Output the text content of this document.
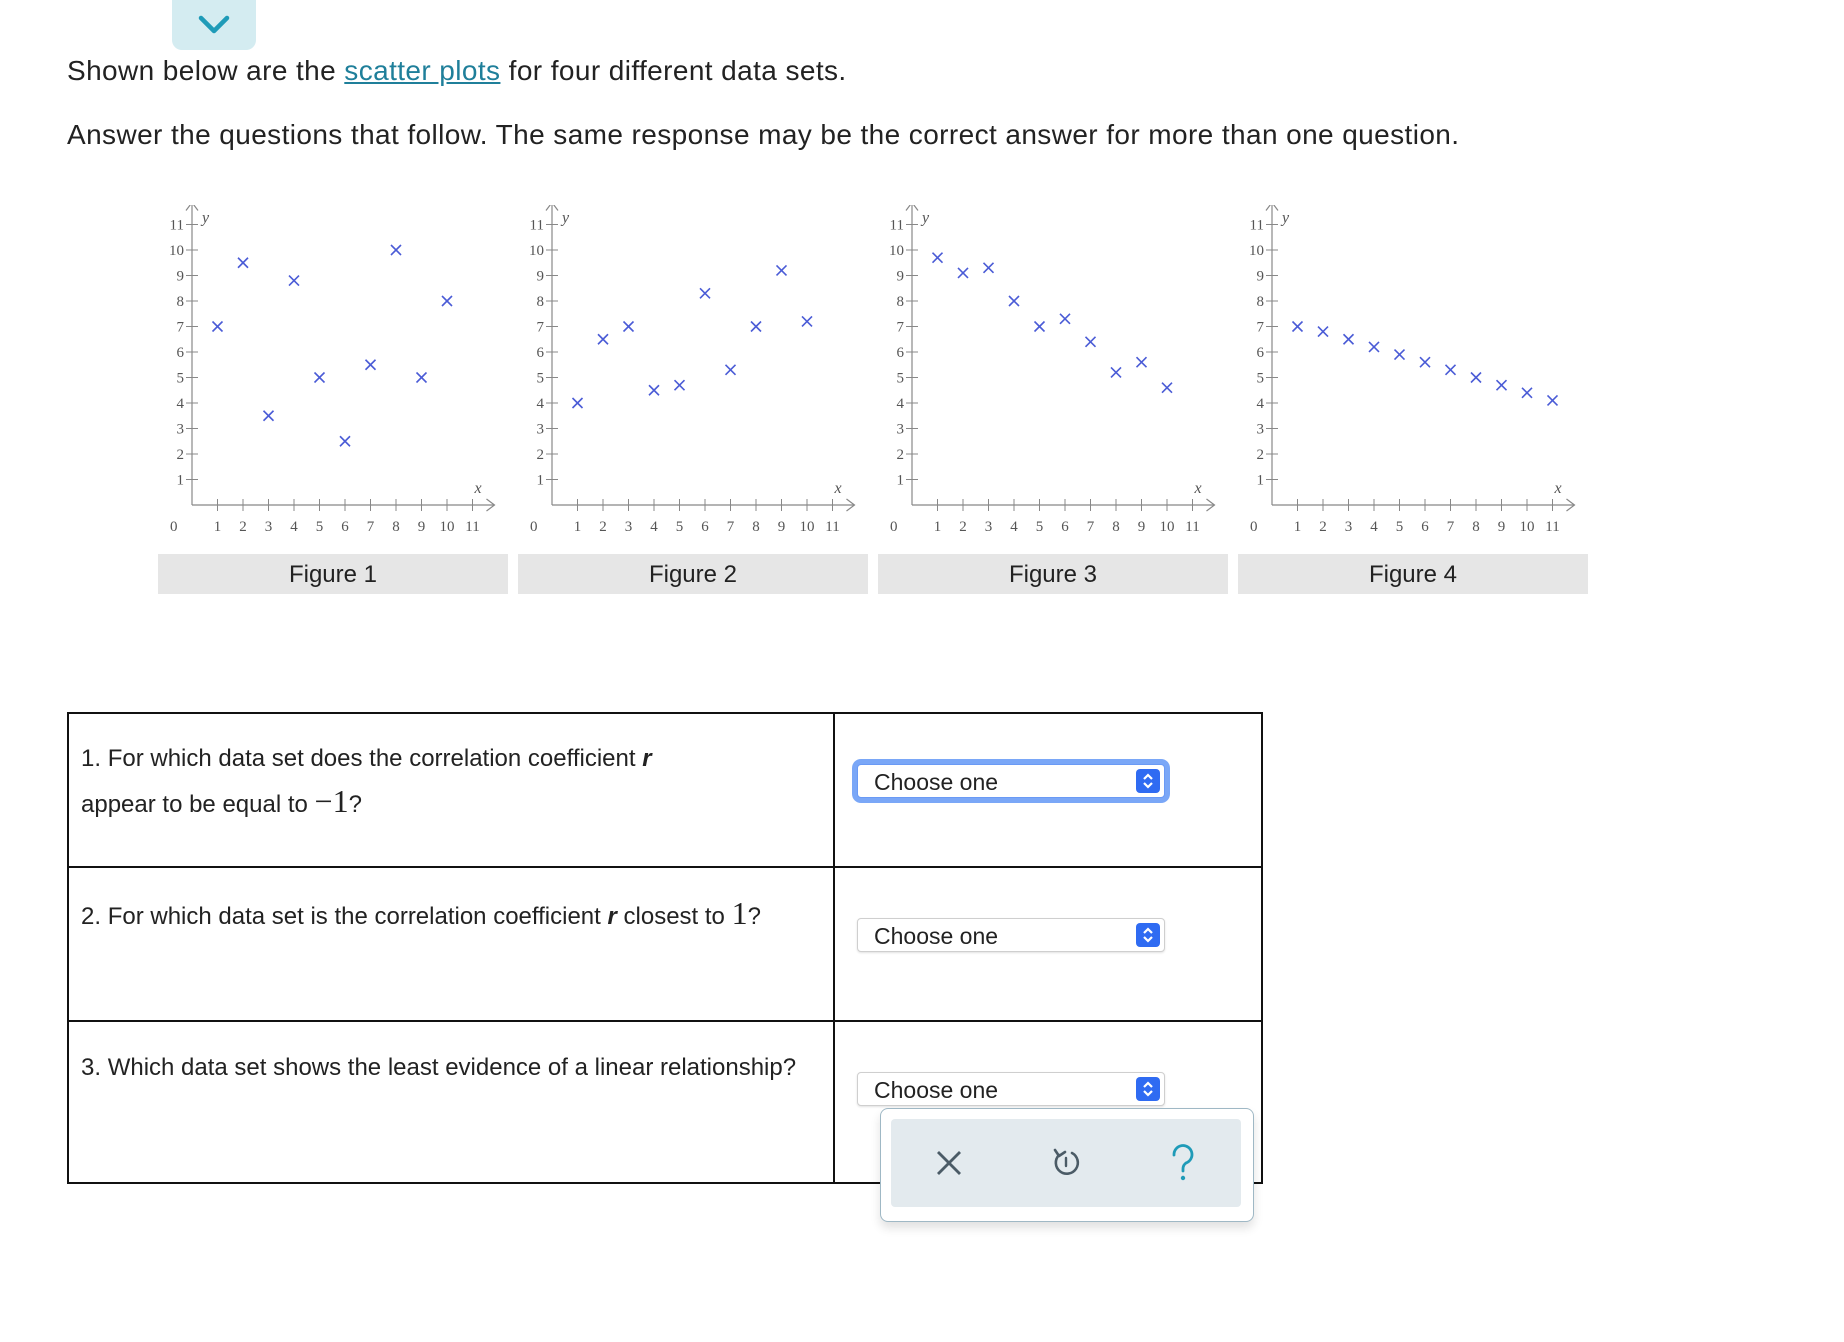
Shown below are the scatter plots for four different data sets.
Answer the questions that follow. The same response may be the correct answer for more than one question.
1
2
3
4
5
6
7
8
9
10
11
1 2 3 4 5 6 7 8 9 10 11
0
y
x	1
2
3
4
5
6
7
8
9
10
11
1 2 3 4 5 6 7 8 9 10 11
0
y
x	1
2
3
4
5
6
7
8
9
10
11
1 2 3 4 5 6 7 8 9 10 11
0
y
x	1
2
3
4
5
6
7
8
9
10
11
1 2 3 4 5 6 7 8 9 10 11
0
y
x
Figure 1	Figure 2	Figure 3	Figure 4
1. For which data set does the correlation coefficient r
appear to be equal to −1?	Choose one

2. For which data set is the correlation coefficient r closest to 1?	Choose one

3. Which data set shows the least evidence of a linear relationship?	Choose one
